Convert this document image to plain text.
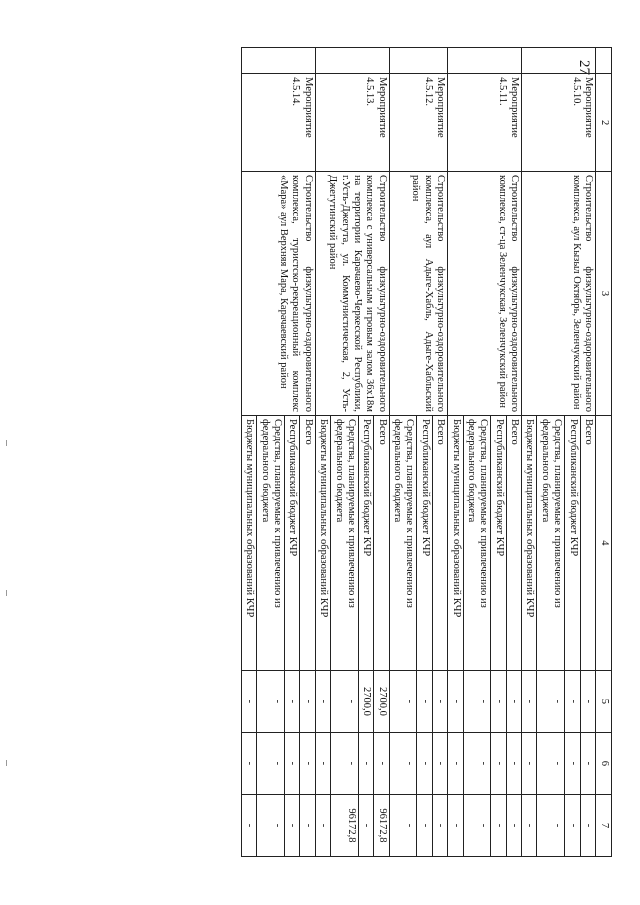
27
	2	3	4	5	6	7
	Мероприятие 4.5.10.	Строительство физкультурно-оздоровительного комплекса, аул Кызыл Октябрь, Зеленчукский район	Всего	-	-	-
			Республиканский бюджет КЧР	-	-	-
			Средства, планируемые к привлечению из федерального бюджета	-	-	-
			Бюджеты муниципальных образований КЧР	-	-	-
	Мероприятие 4.5.11.	Строительство физкультурно-оздоровительного комплекса, ст-ца Зеленчукская, Зеленчукский район	Всего	-	-	-
			Республиканский бюджет КЧР	-	-	-
			Средства, планируемые к привлечению из федерального бюджета	-	-	-
			Бюджеты муниципальных образований КЧР	-	-	-
	Мероприятие 4.5.12.	Строительство физкультурно-оздоровительного комплекса, аул Адыге-Хабль, Адыге-Хабльский район	Всего	-	-	-
			Республиканский бюджет КЧР	-	-	-
			Средства, планируемые к привлечению из федерального бюджета	-	-	-
	Мероприятие 4.5.13.	Строительство физкультурно-оздоровительного комплекса с универсальным игровым залом 36х18м на территории Карачаево-Черкесской Республики, г.Усть-Джегута, ул. Коммунистическая, 2, Усть-Джегутинский район	Всего	2700,0	-	96172,8
			Республиканский бюджет КЧР	2700,0	-	-
			Средства, планируемые к привлечению из федерального бюджета	-	-	96172,8
			Бюджеты муниципальных образований КЧР	-	-	-
	Мероприятие 4.5.14.	Строительство физкультурно-оздоровительного комплекса, туристско-рекреационный комплекс «Мара» аул Верхняя Мара, Карачаевский район	Всего	-	-	-
			Республиканский бюджет КЧР	-	-	-
			Средства, планируемые к привлечению из федерального бюджета	-	-	-
			Бюджеты муниципальных образований КЧР	-	-	-
